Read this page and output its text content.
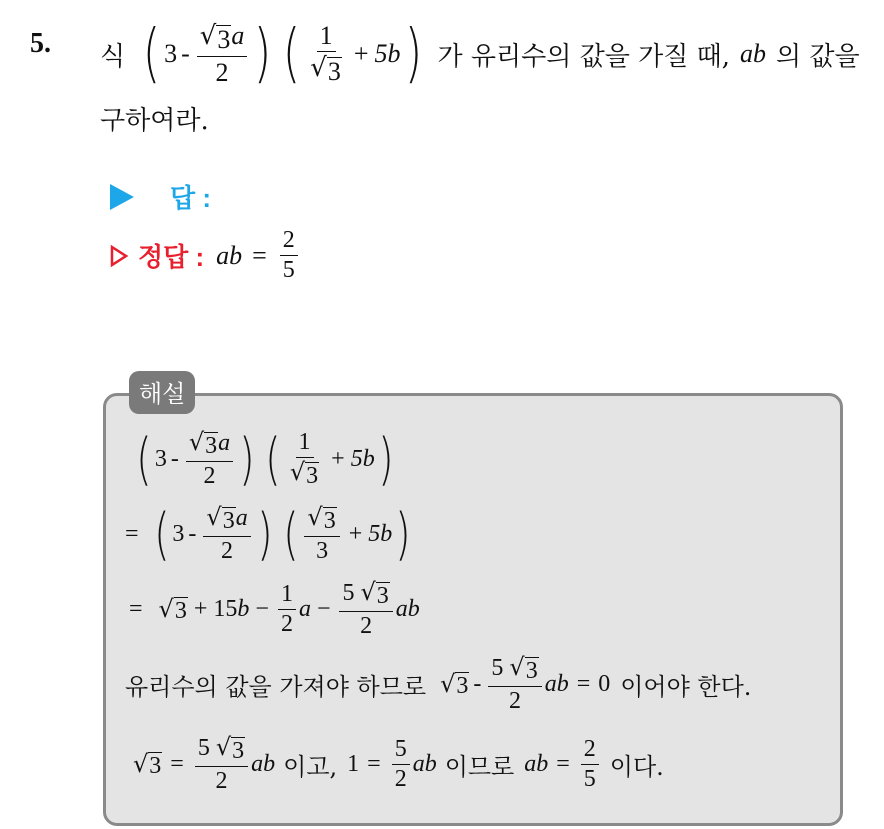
5. 식 ( $3 - \frac{√ 3 a}{2}$ ) ( $\frac{1}{√ 3} + 5b$ ) 가 유리수의 값을 가질 때, ab 의 값을
구하여라.
답 :
정답 : ab = $\frac{2}{5}$
해설
( $3 - \frac{√ 3 a}{2}$ ) ( $\frac{1}{√ 3} + 5b$ )
= ( $3 - \frac{√ 3 a}{2}$ ) ( $\frac{√ 3}{3} + 5b$ )
= √ 3 + 15 $b - \frac{1}{2}$ $a - \frac{5 √ 3}{2}$ ab
유리수의 값을 가져야 하므로 √ $3 - \frac{5 √ 3}{2}$ ab = 0 이어야 한다.
√ $3 = \frac{5 √ 3}{2}$ ab 이고, $1 = \frac{5}{2}$ ab 이므로 ab = $\frac{2}{5}$ 이다.
